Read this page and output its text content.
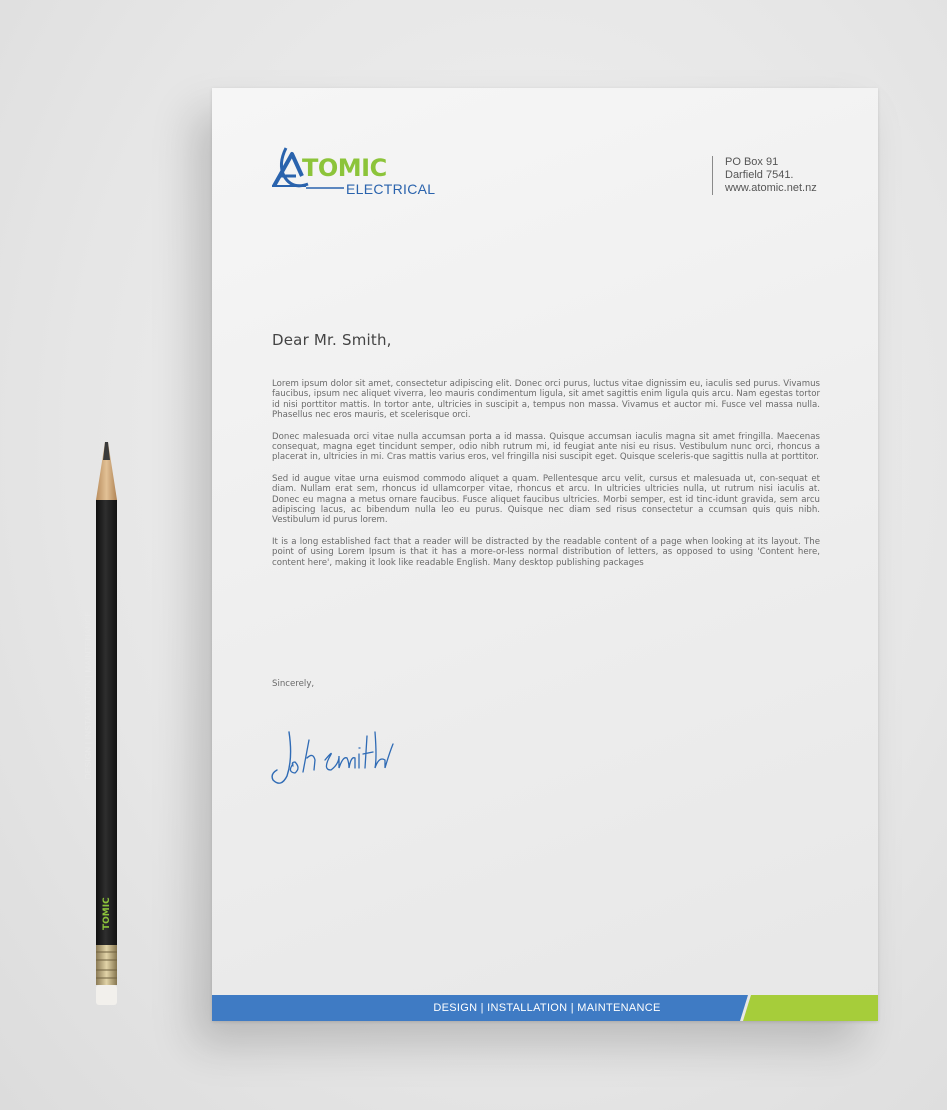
TOMIC
ELECTRICAL
PO Box 91
Darfield 7541.
www.atomic.net.nz
Dear Mr. Smith,

Lorem ipsum dolor sit amet, consectetur adipiscing elit. Donec orci purus, luctus vitae dignissim eu, iaculis sed purus. Vivamus faucibus, ipsum nec aliquet viverra, leo mauris condimentum ligula, sit amet sagittis enim ligula quis arcu. Nam egestas tortor id nisi porttitor mattis. In tortor ante, ultricies in suscipit a, tempus non massa. Vivamus et auctor mi. Fusce vel massa nulla. Phasellus nec eros mauris, et scelerisque orci.

Donec malesuada orci vitae nulla accumsan porta a id massa. Quisque accumsan iaculis magna sit amet fringilla. Maecenas consequat, magna eget tincidunt semper, odio nibh rutrum mi, id feugiat ante nisi eu risus. Vestibulum nunc orci, rhoncus a placerat in, ultricies in mi. Cras mattis varius eros, vel fringilla nisi suscipit eget. Quisque sceleris-que sagittis nulla at porttitor.

Sed id augue vitae urna euismod commodo aliquet a quam. Pellentesque arcu velit, cursus et malesuada ut, con-sequat et diam. Nullam erat sem, rhoncus id ullamcorper vitae, rhoncus et arcu. In ultricies ultricies nulla, ut rutrum nisi iaculis at. Donec eu magna a metus ornare faucibus. Fusce aliquet faucibus ultricies. Morbi semper, est id tinc-idunt gravida, sem arcu adipiscing lacus, ac bibendum nulla leo eu purus. Quisque nec diam sed risus consectetur a ccumsan quis quis nibh. Vestibulum id purus lorem.

It is a long established fact that a reader will be distracted by the readable content of a page when looking at its layout. The point of using Lorem Ipsum is that it has a more-or-less normal distribution of letters, as opposed to using 'Content here, content here', making it look like readable English. Many desktop publishing packages

Sincerely,
DESIGN | INSTALLATION | MAINTENANCE
TOMIC
DESIGN | INSTALLATION | MAINTENANCE
